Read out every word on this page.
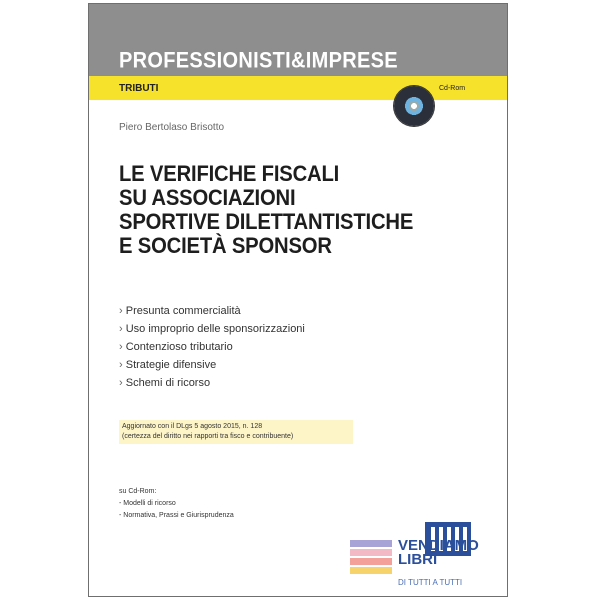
PROFESSIONISTI&IMPRESE
TRIBUTI	Cd-Rom
Piero Bertolaso Brisotto
LE VERIFICHE FISCALI
SU ASSOCIAZIONI
SPORTIVE DILETTANTISTICHE
E SOCIETÀ SPONSOR
› Presunta commercialità
› Uso improprio delle sponsorizzazioni
› Contenzioso tributario
› Strategie difensive
› Schemi di ricorso
Aggiornato con il DLgs 5 agosto 2015, n. 128
(certezza del diritto nei rapporti tra fisco e contribuente)
su Cd-Rom:
- Modelli di ricorso
- Normativa, Prassi e Giurisprudenza
VENDIAMO
LIBRI
DI TUTTI A TUTTI
